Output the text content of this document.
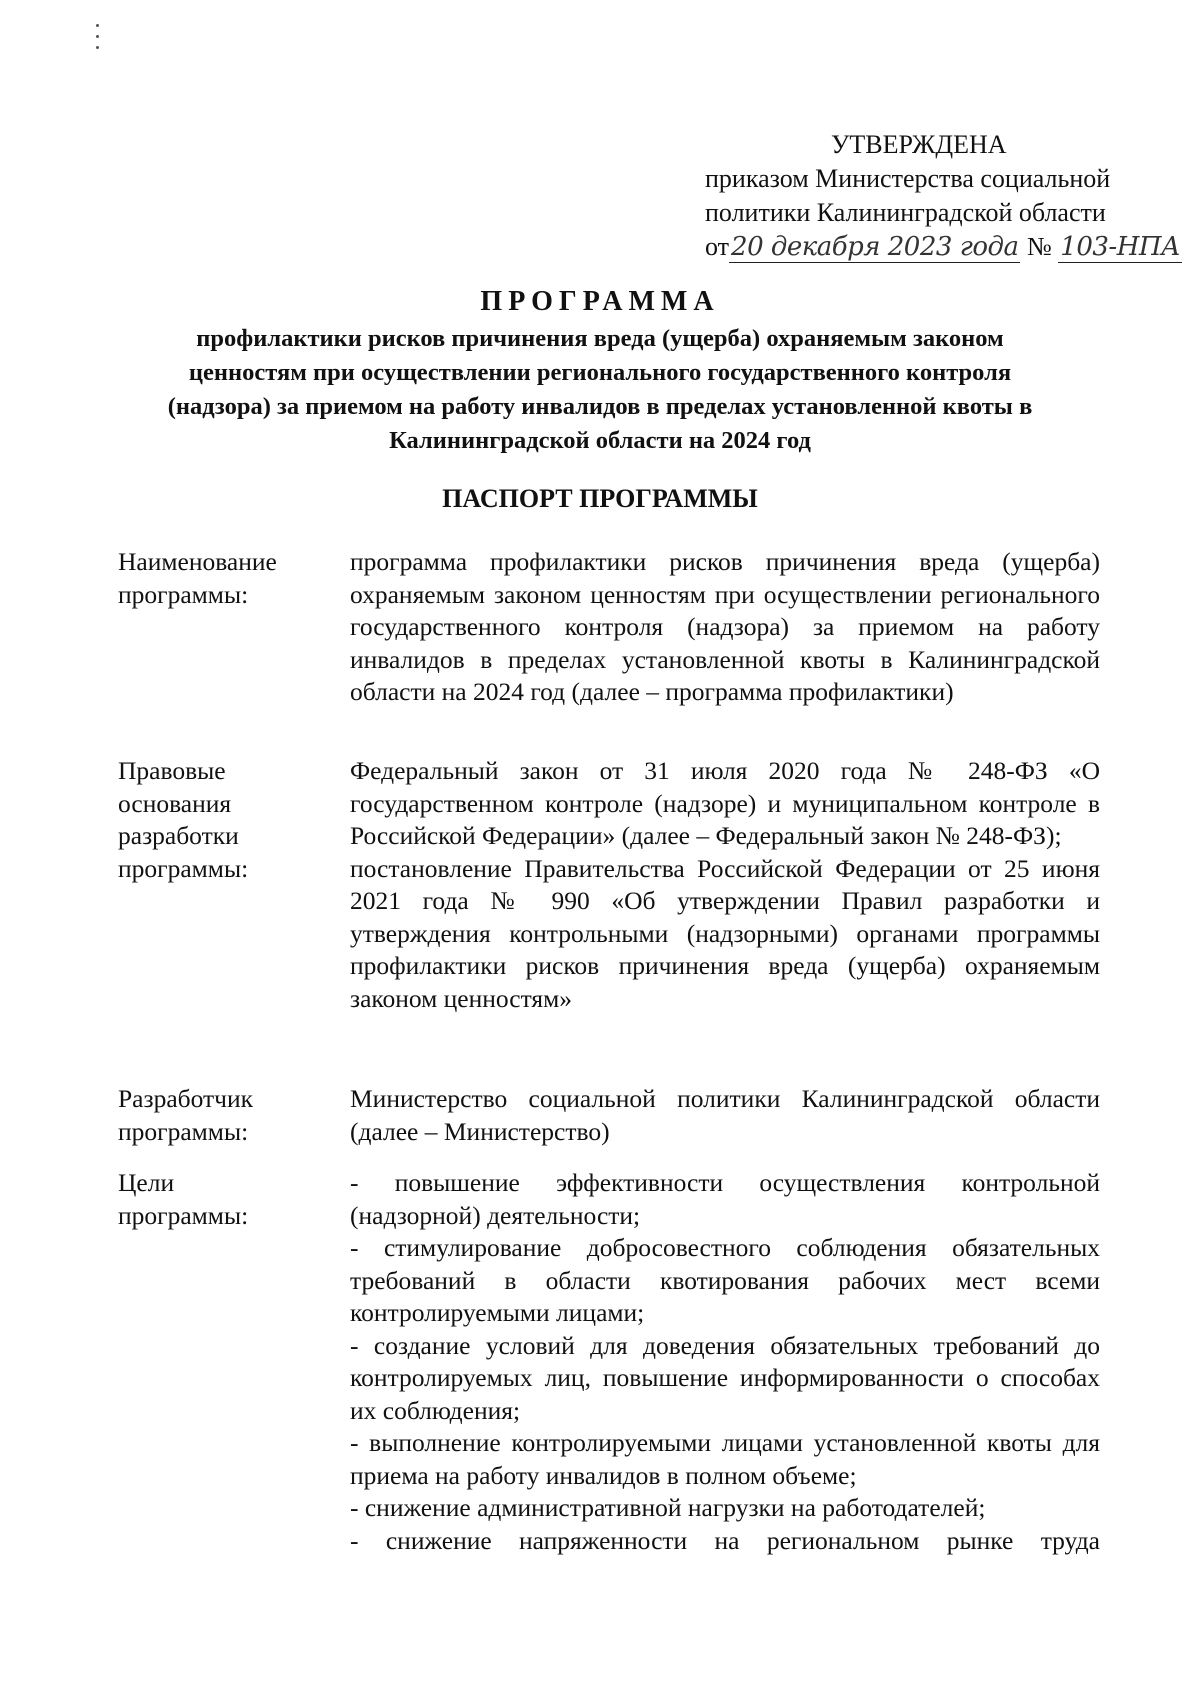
УТВЕРЖДЕНА
приказом Министерства социальной
политики Калининградской области
от20 декабря 2023 года № 103-НПА
ПРОГРАММА
профилактики рисков причинения вреда (ущерба) охраняемым законом
ценностям при осуществлении регионального государственного контроля
(надзора) за приемом на работу инвалидов в пределах установленной квоты в
Калининградской области на 2024 год
ПАСПОРТ ПРОГРАММЫ
Наименование
программы:

программа профилактики рисков причинения вреда (ущерба) охраняемым законом ценностям при осуществлении регионального государственного контроля (надзора) за приемом на работу инвалидов в пределах установленной квоты в Калининградской области на 2024 год (далее – программа профилактики)

Правовые
основания
разработки
программы:

Федеральный закон от 31 июля 2020 года № 248-ФЗ «О государственном контроле (надзоре) и муниципальном контроле в Российской Федерации» (далее – Федеральный закон № 248-ФЗ);

постановление Правительства Российской Федерации от 25 июня 2021 года № 990 «Об утверждении Правил разработки и утверждения контрольными (надзорными) органами программы профилактики рисков причинения вреда (ущерба) охраняемым законом ценностям»

Разработчик
программы:

Министерство социальной политики Калининградской области (далее – Министерство)

Цели
программы:

- повышение эффективности осуществления контрольной (надзорной) деятельности;

- стимулирование добросовестного соблюдения обязательных требований в области квотирования рабочих мест всеми контролируемыми лицами;

- создание условий для доведения обязательных требований до контролируемых лиц, повышение информированности о способах их соблюдения;

- выполнение контролируемыми лицами установленной квоты для приема на работу инвалидов в полном объеме;

- снижение административной нагрузки на работодателей;

- снижение напряженности на региональном рынке труда
